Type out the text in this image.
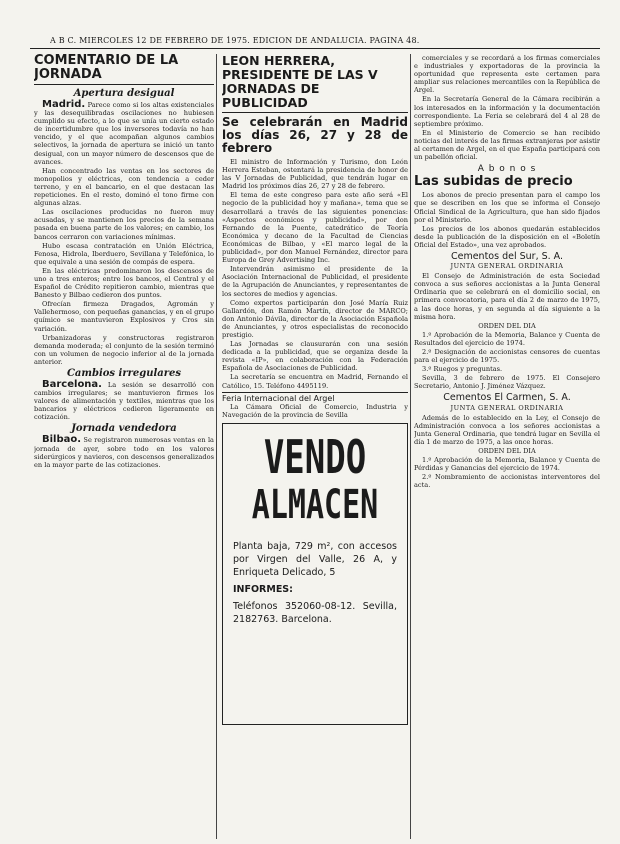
A B C. MIERCOLES 12 DE FEBRERO DE 1975. EDICION DE ANDALUCIA. PAGINA 48.
COMENTARIO DE LA JORNADA
Apertura desigual

Madrid. Parece como si los altas existenciales y las desequilibradas oscilaciones no hubiesen cumplido su efecto, a lo que se unía un cierto estado de incertidumbre que los inversores todavía no han vencido, y el que acompañan algunos cambios selectivos, la jornada de apertura se inició un tanto desigual, con un mayor número de descensos que de avances.

Han concentrado las ventas en los sectores de monopolios y eléctricas, con tendencia a ceder terreno, y en el bancario, en el que destacan las repeticiones. En el resto, dominó el tono firme con algunas alzas.

Las oscilaciones producidas no fueron muy acusadas, y se mantienen los precios de la semana pasada en buena parte de los valores; en cambio, los bancos cerraron con variaciones mínimas.

Hubo escasa contratación en Unión Eléctrica, Fenosa, Hidrola, Iberduero, Sevillana y Telefónica, lo que equivale a una sesión de compás de espera.

En las eléctricas predominaron los descensos de uno a tres enteros; entre los bancos, el Central y el Español de Crédito repitieron cambio, mientras que Banesto y Bilbao cedieron dos puntos.

Ofrecían firmeza Dragados, Agromán y Vallehermoso, con pequeñas ganancias, y en el grupo químico se mantuvieron Explosivos y Cros sin variación.

Urbanizadoras y constructoras registraron demanda moderada; el conjunto de la sesión terminó con un volumen de negocio inferior al de la jornada anterior.

Cambios irregulares

Barcelona. La sesión se desarrolló con cambios irregulares; se mantuvieron firmes los valores de alimentación y textiles, mientras que los bancarios y eléctricos cedieron ligeramente en cotización.

Jornada vendedora

Bilbao. Se registraron numerosas ventas en la jornada de ayer, sobre todo en los valores siderúrgicos y navieros, con descensos generalizados en la mayor parte de las cotizaciones.

LEON HERRERA, PRESIDENTE DE LAS V JORNADAS DE PUBLICIDAD
Se celebrarán en Madrid los días 26, 27 y 28 de febrero

El ministro de Información y Turismo, don León Herrera Esteban, ostentará la presidencia de honor de las V Jornadas de Publicidad, que tendrán lugar en Madrid los próximos días 26, 27 y 28 de febrero.

El tema de este congreso para este año será «El negocio de la publicidad hoy y mañana», tema que se desarrollará a través de las siguientes ponencias: «Aspectos económicos y publicidad», por don Fernando de la Puente, catedrático de Teoría Económica y decano de la Facultad de Ciencias Económicas de Bilbao, y «El marco legal de la publicidad», por don Manuel Fernández, director para Europa de Grey Advertising Inc.

Intervendrán asimismo el presidente de la Asociación Internacional de Publicidad, el presidente de la Agrupación de Anunciantes, y representantes de los sectores de medios y agencias.

Como expertos participarán don José María Ruiz Gallardón, don Ramón Martín, director de MARCO; don Antonio Dávila, director de la Asociación Española de Anunciantes, y otros especialistas de reconocido prestigio.

Las Jornadas se clausurarán con una sesión dedicada a la publicidad, que se organiza desde la revista «IP», en colaboración con la Federación Española de Asociaciones de Publicidad.

La secretaría se encuentra en Madrid, Fernando el Católico, 15. Teléfono 4495119.

Feria Internacional del Argel

La Cámara Oficial de Comercio, Industria y Navegación de la provincia de Sevilla

VENDO
ALMACEN
Planta baja, 729 m², con accesos por Virgen del Valle, 26 A, y Enriqueta Delicado, 5
INFORMES:
Teléfonos 352060-08-12. Sevilla, 2182763. Barcelona.

comerciales y se recordará a los firmas comerciales e industriales y exportadoras de la provincia la oportunidad que representa este certamen para ampliar sus relaciones mercantiles con la República de Argel.

En la Secretaría General de la Cámara recibirán a los interesados en la información y la documentación correspondiente. La Feria se celebrará del 4 al 28 de septiembre próximo.

En el Ministerio de Comercio se han recibido noticias del interés de las firmas extranjeras por asistir al certamen de Argel, en el que España participará con un pabellón oficial.

A b o n o s
Las subidas de precio

Los abonos de precio presentan para el campo los que se describen en los que se informa el Consejo Oficial Sindical de la Agricultura, que han sido fijados por el Ministerio.

Los precios de los abonos quedarán establecidos desde la publicación de la disposición en el «Boletín Oficial del Estado», una vez aprobados.

Cementos del Sur, S. A.
JUNTA GENERAL ORDINARIA

El Consejo de Administración de esta Sociedad convoca a sus señores accionistas a la Junta General Ordinaria que se celebrará en el domicilio social, en primera convocatoria, para el día 2 de marzo de 1975, a las doce horas, y en segunda al día siguiente a la misma hora.

ORDEN DEL DIA

1.º Aprobación de la Memoria, Balance y Cuenta de Resultados del ejercicio de 1974.

2.º Designación de accionistas censores de cuentas para el ejercicio de 1975.

3.º Ruegos y preguntas.

Sevilla, 3 de febrero de 1975. El Consejero Secretario, Antonio J. Jiménez Vázquez.

Cementos El Carmen, S. A.
JUNTA GENERAL ORDINARIA

Además de lo establecido en la Ley, el Consejo de Administración convoca a los señores accionistas a Junta General Ordinaria, que tendrá lugar en Sevilla el día 1 de marzo de 1975, a las once horas.

ORDEN DEL DIA

1.º Aprobación de la Memoria, Balance y Cuenta de Pérdidas y Ganancias del ejercicio de 1974.

2.º Nombramiento de accionistas interventores del acta.
